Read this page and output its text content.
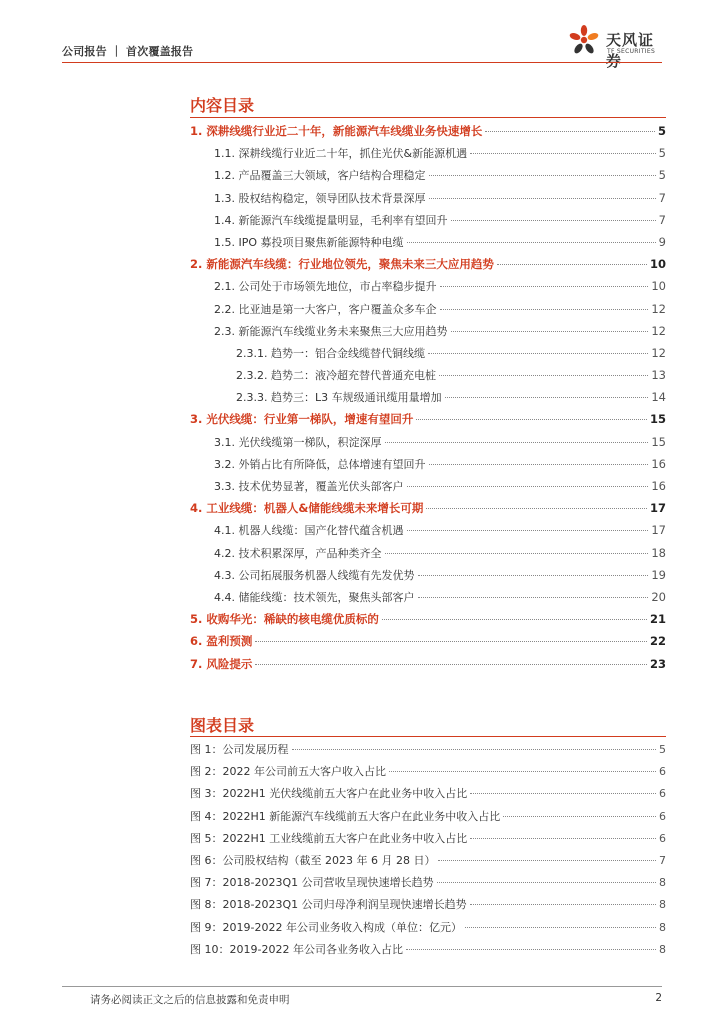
公司报告 ｜ 首次覆盖报告
天风证券
TF SECURITIES
内容目录
1. 深耕线缆行业近二十年，新能源汽车线缆业务快速增长	5
1.1. 深耕线缆行业近二十年，抓住光伏&新能源机遇	5
1.2. 产品覆盖三大领域，客户结构合理稳定	5
1.3. 股权结构稳定，领导团队技术背景深厚	7
1.4. 新能源汽车线缆提量明显，毛利率有望回升	7
1.5. IPO 募投项目聚焦新能源特种电缆	9
2. 新能源汽车线缆：行业地位领先，聚焦未来三大应用趋势	10
2.1. 公司处于市场领先地位，市占率稳步提升	10
2.2. 比亚迪是第一大客户，客户覆盖众多车企	12
2.3. 新能源汽车线缆业务未来聚焦三大应用趋势	12
2.3.1. 趋势一：铝合金线缆替代铜线缆	12
2.3.2. 趋势二：液冷超充替代普通充电桩	13
2.3.3. 趋势三：L3 车规级通讯缆用量增加	14
3. 光伏线缆：行业第一梯队，增速有望回升	15
3.1. 光伏线缆第一梯队，积淀深厚	15
3.2. 外销占比有所降低，总体增速有望回升	16
3.3. 技术优势显著，覆盖光伏头部客户	16
4. 工业线缆：机器人&储能线缆未来增长可期	17
4.1. 机器人线缆：国产化替代蕴含机遇	17
4.2. 技术积累深厚，产品种类齐全	18
4.3. 公司拓展服务机器人线缆有先发优势	19
4.4. 储能线缆：技术领先，聚焦头部客户	20
5. 收购华光：稀缺的核电缆优质标的	21
6. 盈利预测	22
7. 风险提示	23
图表目录
图 1：公司发展历程	5
图 2：2022 年公司前五大客户收入占比	6
图 3：2022H1 光伏线缆前五大客户在此业务中收入占比	6
图 4：2022H1 新能源汽车线缆前五大客户在此业务中收入占比	6
图 5：2022H1 工业线缆前五大客户在此业务中收入占比	6
图 6：公司股权结构（截至 2023 年 6 月 28 日）	7
图 7：2018-2023Q1 公司营收呈现快速增长趋势	8
图 8：2018-2023Q1 公司归母净利润呈现快速增长趋势	8
图 9：2019-2022 年公司业务收入构成（单位：亿元）	8
图 10：2019-2022 年公司各业务收入占比	8
请务必阅读正文之后的信息披露和免责申明	2
